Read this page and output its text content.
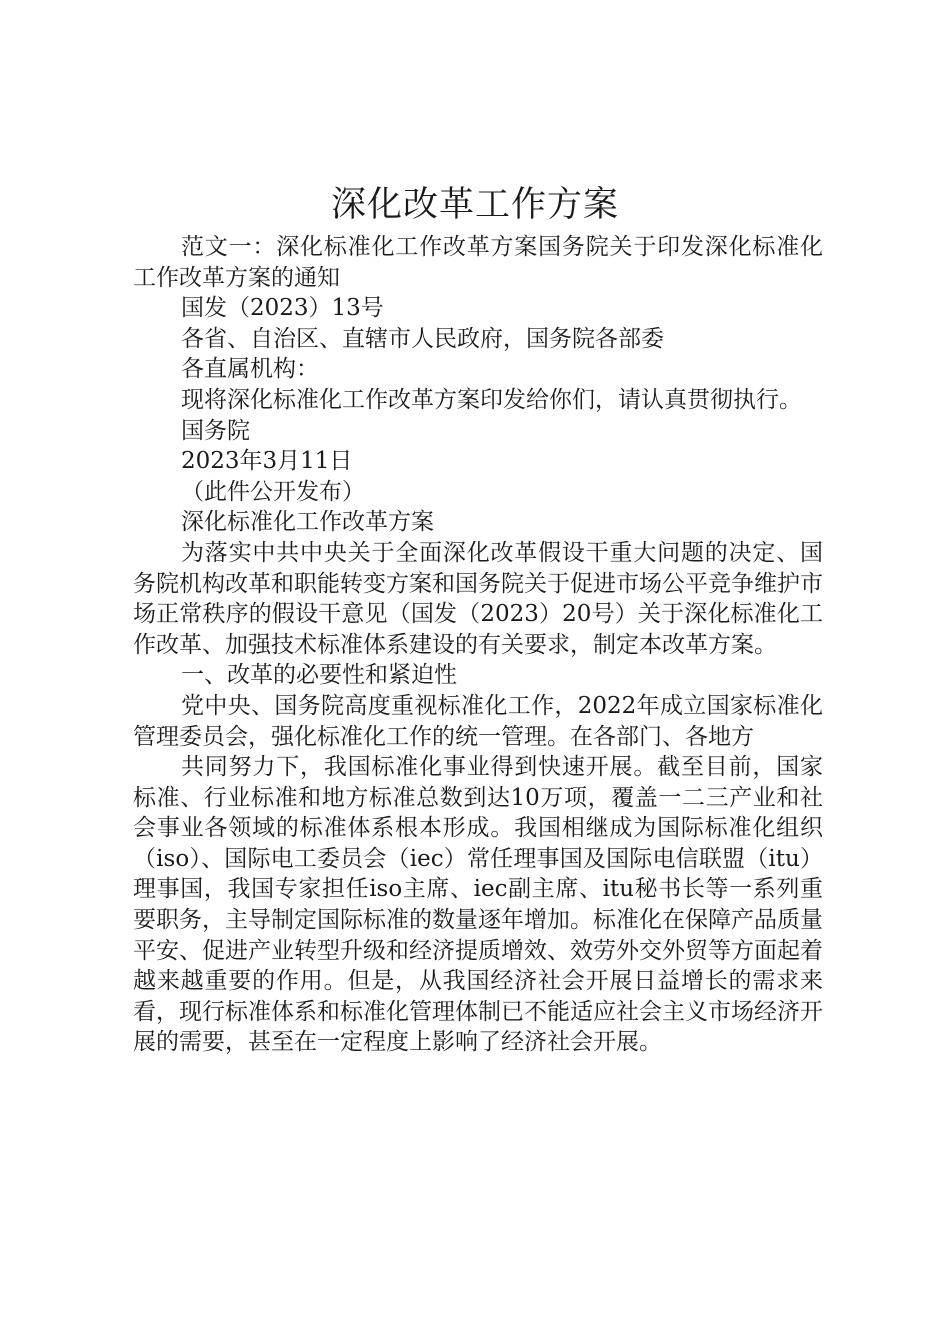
深化改革工作方案

范文一：深化标准化工作改革方案国务院关于印发深化标准化工作改革方案的通知

国发（2023）13号

各省、自治区、直辖市人民政府，国务院各部委

各直属机构：

现将深化标准化工作改革方案印发给你们，请认真贯彻执行。

国务院

2023年3月11日

（此件公开发布）

深化标准化工作改革方案

为落实中共中央关于全面深化改革假设干重大问题的决定、国务院机构改革和职能转变方案和国务院关于促进市场公平竞争维护市场正常秩序的假设干意见（国发（2023）20号）关于深化标准化工作改革、加强技术标准体系建设的有关要求，制定本改革方案。

一、改革的必要性和紧迫性

党中央、国务院高度重视标准化工作，2022年成立国家标准化管理委员会，强化标准化工作的统一管理。在各部门、各地方

共同努力下，我国标准化事业得到快速开展。截至目前，国家标准、行业标准和地方标准总数到达10万项，覆盖一二三产业和社会事业各领域的标准体系根本形成。我国相继成为国际标准化组织（iso）、国际电工委员会（iec）常任理事国及国际电信联盟（itu）理事国，我国专家担任iso主席、iec副主席、itu秘书长等一系列重要职务，主导制定国际标准的数量逐年增加。标准化在保障产品质量平安、促进产业转型升级和经济提质增效、效劳外交外贸等方面起着越来越重要的作用。但是，从我国经济社会开展日益增长的需求来看，现行标准体系和标准化管理体制已不能适应社会主义市场经济开展的需要，甚至在一定程度上影响了经济社会开展。
